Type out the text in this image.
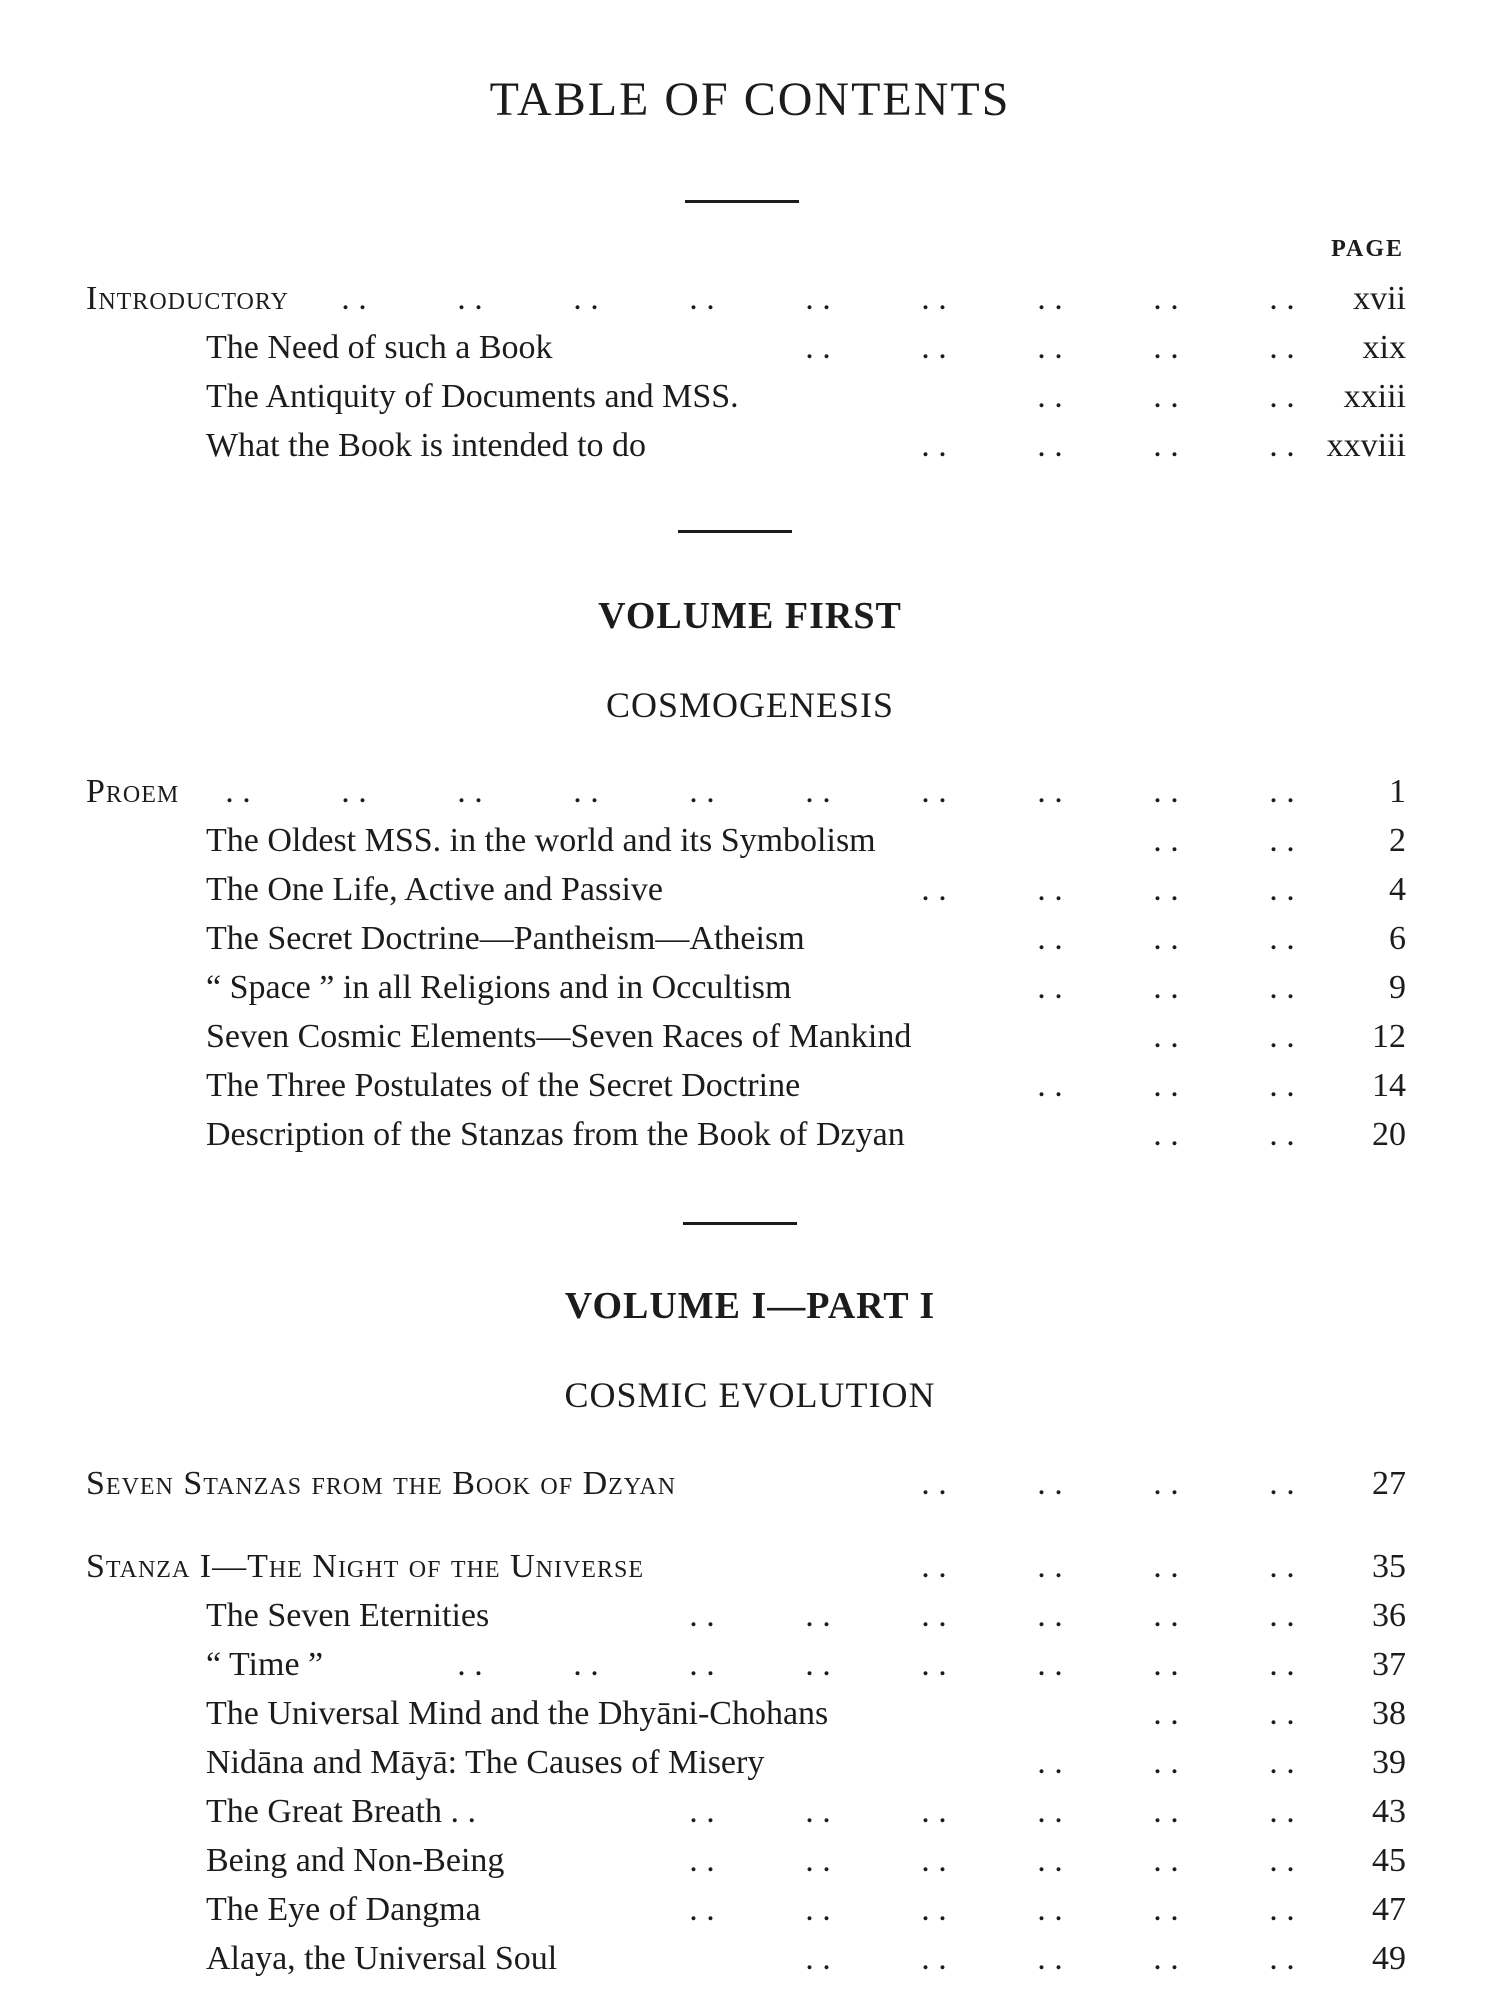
TABLE OF CONTENTS
PAGE
Introductory	. .	. .	. .	. .	. .	. .	. .	. .	. .	xvii
The Need of such a Book	. .	. .	. .	. .	. .	xix
The Antiquity of Documents and MSS.	. .	. .	. .	xxiii
What the Book is intended to do	. .	. .	. .	. . xxviii
VOLUME FIRST
COSMOGENESIS
Proem	. .	. .	. .	. .	. .	. .	. .	. .	. .	. .	1
The Oldest MSS. in the world and its Symbolism	. .	. .	2
The One Life, Active and Passive	. .	. .	. .	. .	4
The Secret Doctrine—Pantheism—Atheism	. .	. .	. .	6
“ Space ” in all Religions and in Occultism	. .	. .	. .	9
Seven Cosmic Elements—Seven Races of Mankind	. .	. .	12
The Three Postulates of the Secret Doctrine	. .	. .	. .	14
Description of the Stanzas from the Book of Dzyan	. .	. .	20
VOLUME I—PART I
COSMIC EVOLUTION
Seven Stanzas from the Book of Dzyan	. .	. .	. .	. .	27
Stanza I—The Night of the Universe	. .	. .	. .	. .	35
The Seven Eternities	. .	. .	. .	. .	. .	. .	36
“ Time ”	. .	. .	. .	. .	. .	. .	. .	. .	37
The Universal Mind and the Dhyāni-Chohans	. .	. .	38
Nidāna and Māyā: The Causes of Misery	. .	. .	. .	39
The Great Breath . .	. .	. .	. .	. .	. .	. .	43
Being and Non-Being	. .	. .	. .	. .	. .	. .	45
The Eye of Dangma	. .	. .	. .	. .	. .	. .	47
Alaya, the Universal Soul	. .	. .	. .	. .	. .	49
